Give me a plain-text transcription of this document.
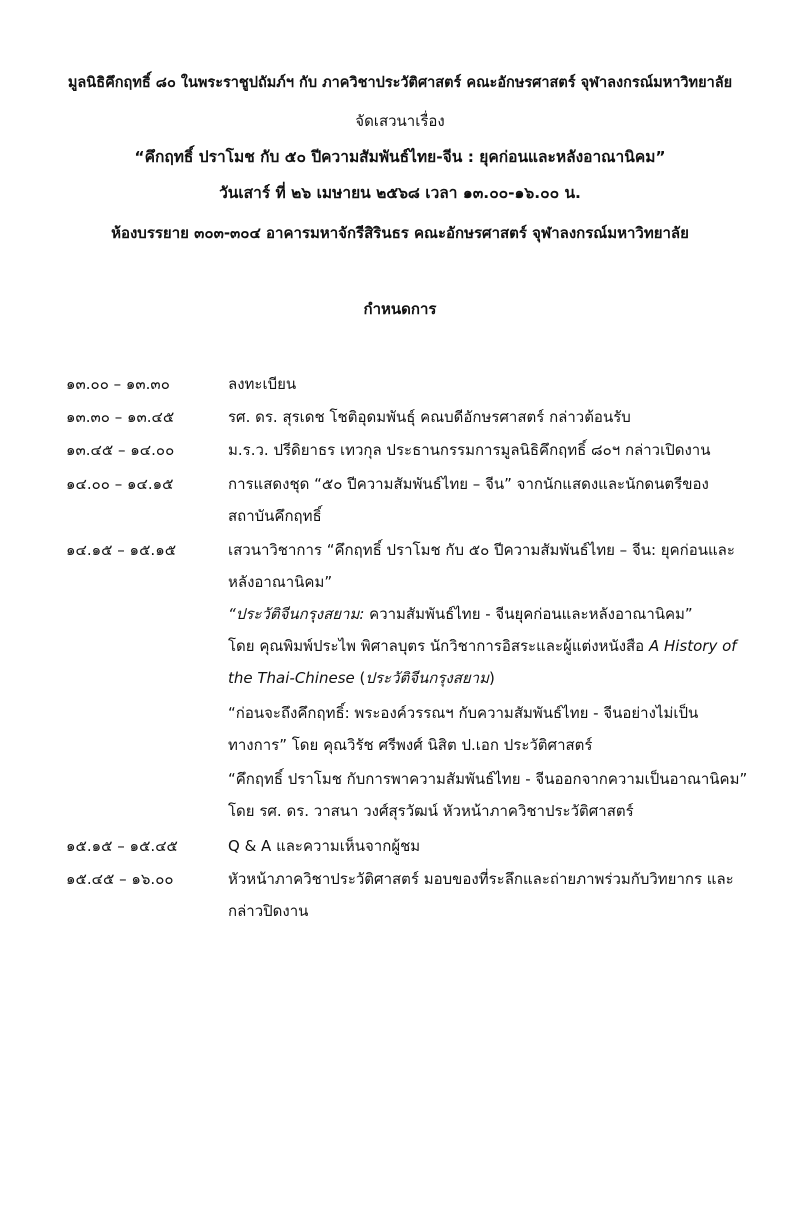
มูลนิธิคึกฤทธิ์ ๘๐ ในพระราชูปถัมภ์ฯ กับ ภาควิชาประวัติศาสตร์ คณะอักษรศาสตร์ จุฬาลงกรณ์มหาวิทยาลัย
จัดเสวนาเรื่อง
“คึกฤทธิ์ ปราโมช กับ ๕๐ ปีความสัมพันธ์ไทย-จีน : ยุคก่อนและหลังอาณานิคม”
วันเสาร์ ที่ ๒๖ เมษายน ๒๕๖๘ เวลา ๑๓.๐๐-๑๖.๐๐ น.
ห้องบรรยาย ๓๐๓-๓๐๔ อาคารมหาจักรีสิรินธร คณะอักษรศาสตร์ จุฬาลงกรณ์มหาวิทยาลัย
กำหนดการ
๑๓.๐๐ – ๑๓.๓๐	ลงทะเบียน
๑๓.๓๐ – ๑๓.๔๕	รศ. ดร. สุรเดช โชติอุดมพันธุ์ คณบดีอักษรศาสตร์ กล่าวต้อนรับ
๑๓.๔๕ – ๑๔.๐๐	ม.ร.ว. ปรีดิยาธร เทวกุล ประธานกรรมการมูลนิธิคึกฤทธิ์ ๘๐ฯ กล่าวเปิดงาน
๑๔.๐๐ – ๑๔.๑๕	การแสดงชุด “๕๐ ปีความสัมพันธ์ไทย – จีน” จากนักแสดงและนักดนตรีของ
สถาบันคึกฤทธิ์
๑๔.๑๕ – ๑๕.๑๕	เสวนาวิชาการ “คึกฤทธิ์ ปราโมช กับ ๕๐ ปีความสัมพันธ์ไทย – จีน: ยุคก่อนและ
หลังอาณานิคม”
“ประวัติจีนกรุงสยาม: ความสัมพันธ์ไทย - จีนยุคก่อนและหลังอาณานิคม”
โดย คุณพิมพ์ประไพ พิศาลบุตร นักวิชาการอิสระและผู้แต่งหนังสือ A History of
the Thai-Chinese (ประวัติจีนกรุงสยาม)
“ก่อนจะถึงคึกฤทธิ์: พระองค์วรรณฯ กับความสัมพันธ์ไทย - จีนอย่างไม่เป็น
ทางการ” โดย คุณวิรัช ศรีพงศ์ นิสิต ป.เอก ประวัติศาสตร์
“คึกฤทธิ์ ปราโมช กับการพาความสัมพันธ์ไทย - จีนออกจากความเป็นอาณานิคม”
โดย รศ. ดร. วาสนา วงศ์สุรวัฒน์ หัวหน้าภาควิชาประวัติศาสตร์
๑๕.๑๕ – ๑๕.๔๕	Q & A และความเห็นจากผู้ชม
๑๕.๔๕ – ๑๖.๐๐	หัวหน้าภาควิชาประวัติศาสตร์ มอบของที่ระลึกและถ่ายภาพร่วมกับวิทยากร และ
กล่าวปิดงาน
